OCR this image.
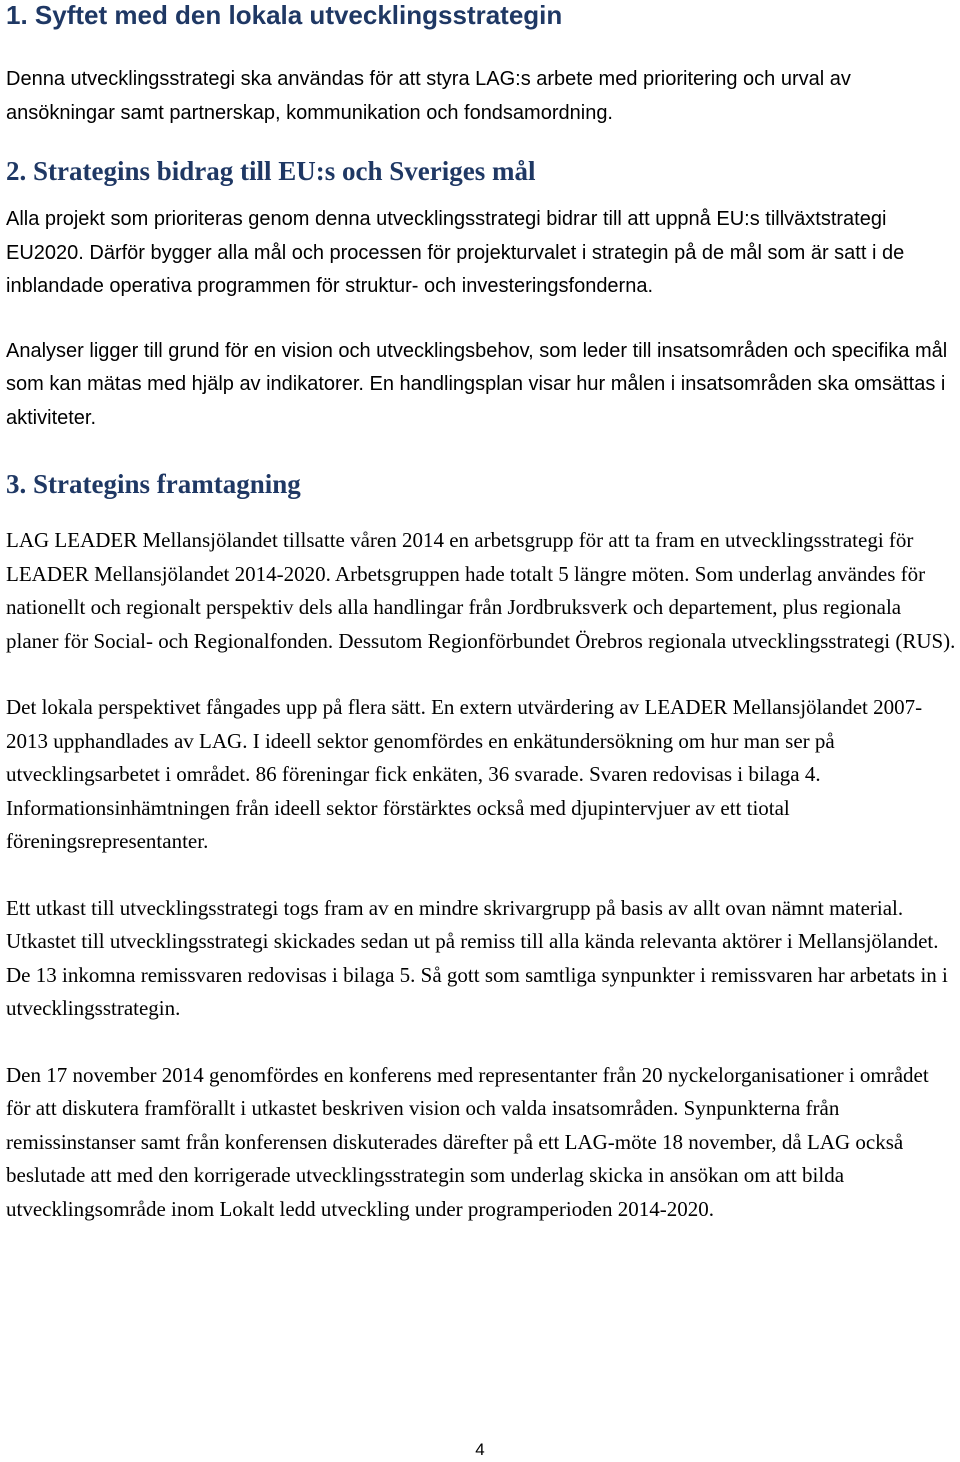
1. Syftet med den lokala utvecklingsstrategin

Denna utvecklingsstrategi ska användas för att styra LAG:s arbete med prioritering och urval av ansökningar samt partnerskap, kommunikation och fondsamordning.

2. Strategins bidrag till EU:s och Sveriges mål

Alla projekt som prioriteras genom denna utvecklingsstrategi bidrar till att uppnå EU:s tillväxtstrategi EU2020. Därför bygger alla mål och processen för projekturvalet i strategin på de mål som är satt i de inblandade operativa programmen för struktur- och investeringsfonderna.

Analyser ligger till grund för en vision och utvecklingsbehov, som leder till insatsområden och specifika mål som kan mätas med hjälp av indikatorer. En handlingsplan visar hur målen i insatsområden ska omsättas i aktiviteter.

3. Strategins framtagning

LAG LEADER Mellansjölandet tillsatte våren 2014 en arbetsgrupp för att ta fram en utvecklingsstrategi för LEADER Mellansjölandet 2014-2020. Arbetsgruppen hade totalt 5 längre möten. Som underlag användes för nationellt och regionalt perspektiv dels alla handlingar från Jordbruksverk och departement, plus regionala planer för Social- och Regionalfonden. Dessutom Regionförbundet Örebros regionala utvecklingsstrategi (RUS).

Det lokala perspektivet fångades upp på flera sätt. En extern utvärdering av LEADER Mellansjölandet 2007-2013 upphandlades av LAG. I ideell sektor genomfördes en enkätundersökning om hur man ser på utvecklingsarbetet i området. 86 föreningar fick enkäten, 36 svarade. Svaren redovisas i bilaga 4. Informationsinhämtningen från ideell sektor förstärktes också med djupintervjuer av ett tiotal föreningsrepresentanter.

Ett utkast till utvecklingsstrategi togs fram av en mindre skrivargrupp på basis av allt ovan nämnt material. Utkastet till utvecklingsstrategi skickades sedan ut på remiss till alla kända relevanta aktörer i Mellansjölandet. De 13 inkomna remissvaren redovisas i bilaga 5. Så gott som samtliga synpunkter i remissvaren har arbetats in i utvecklingsstrategin.

Den 17 november 2014 genomfördes en konferens med representanter från 20 nyckelorganisationer i området för att diskutera framförallt i utkastet beskriven vision och valda insatsområden. Synpunkterna från remissinstanser samt från konferensen diskuterades därefter på ett LAG-möte 18 november, då LAG också beslutade att med den korrigerade utvecklingsstrategin som underlag skicka in ansökan om att bilda utvecklingsområde inom Lokalt ledd utveckling under programperioden 2014-2020.

4
